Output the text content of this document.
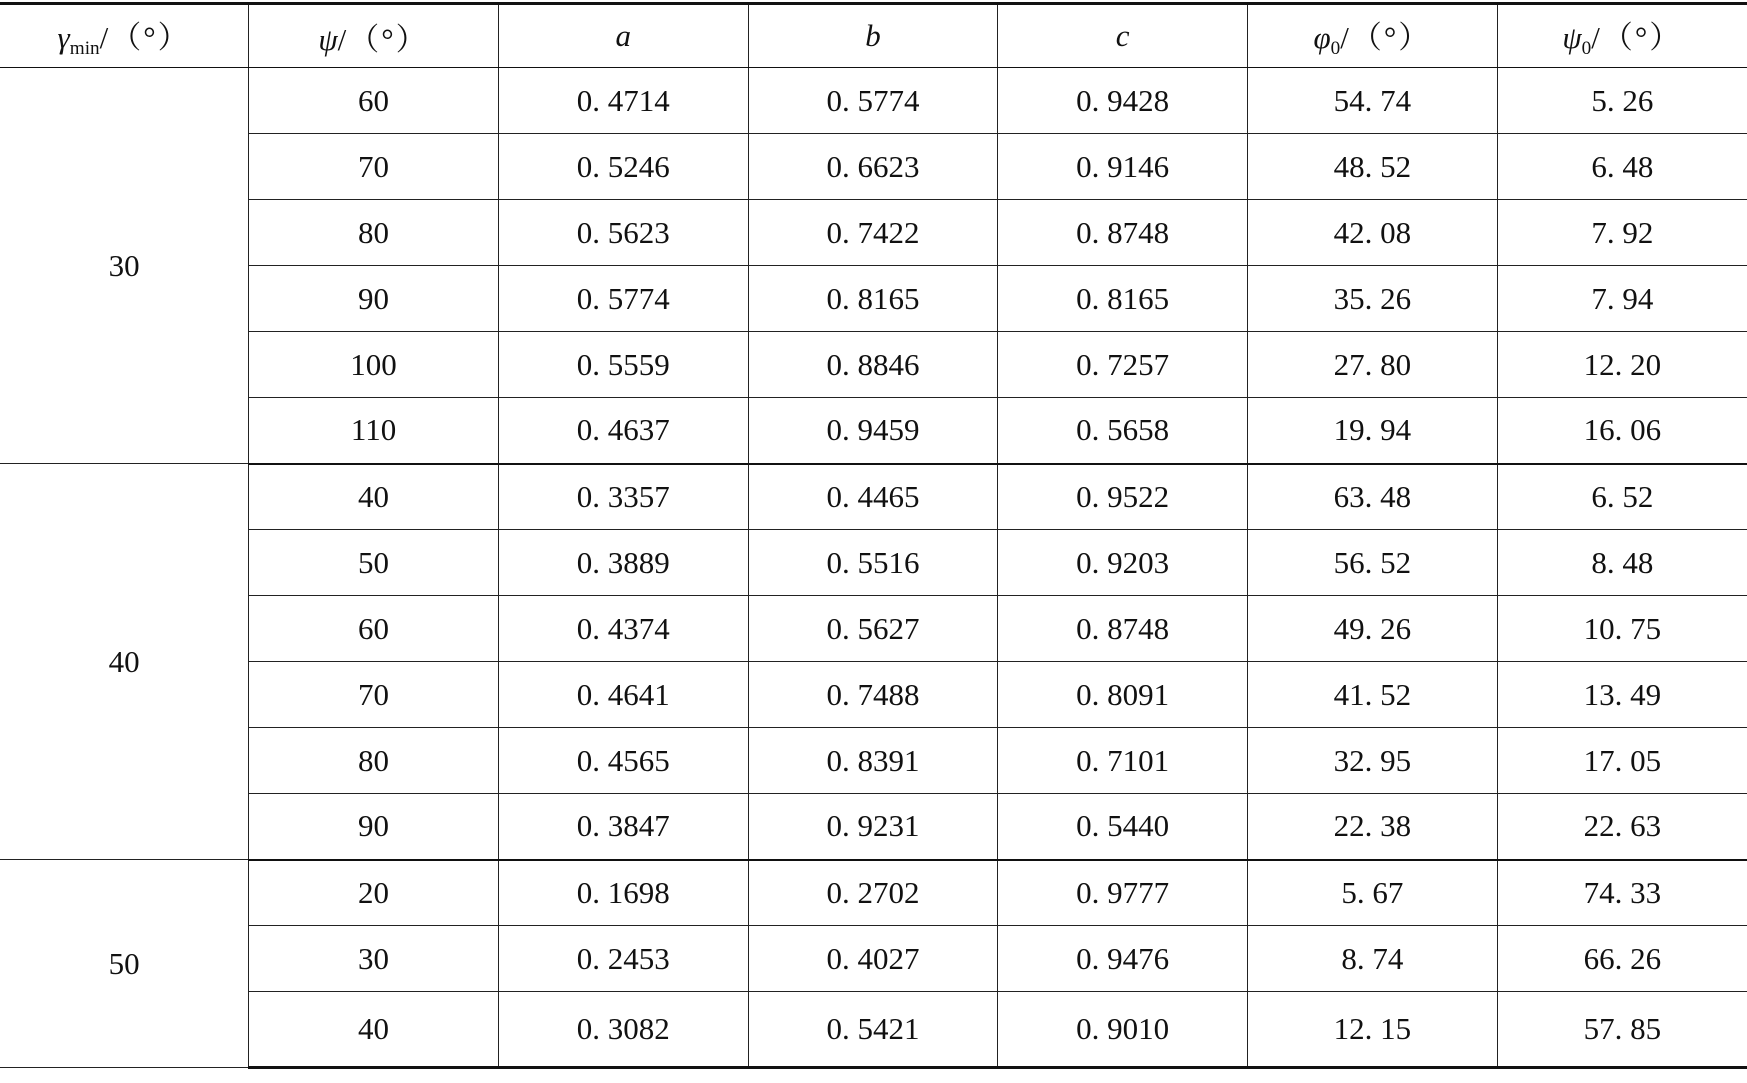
$\gamma_{min}/(^\circ)$	ψ/（°）	a	b	c	$\varphi_0/(^\circ)$	$\psi_0/(^\circ)$
30	60	0. 4714	0. 5774	0. 9428	54. 74	5. 26
	70	0. 5246	0. 6623	0. 9146	48. 52	6. 48
	80	0. 5623	0. 7422	0. 8748	42. 08	7. 92
	90	0. 5774	0. 8165	0. 8165	35. 26	7. 94
	100	0. 5559	0. 8846	0. 7257	27. 80	12. 20
	110	0. 4637	0. 9459	0. 5658	19. 94	16. 06
40	40	0. 3357	0. 4465	0. 9522	63. 48	6. 52
	50	0. 3889	0. 5516	0. 9203	56. 52	8. 48
	60	0. 4374	0. 5627	0. 8748	49. 26	10. 75
	70	0. 4641	0. 7488	0. 8091	41. 52	13. 49
	80	0. 4565	0. 8391	0. 7101	32. 95	17. 05
	90	0. 3847	0. 9231	0. 5440	22. 38	22. 63
50	20	0. 1698	0. 2702	0. 9777	5. 67	74. 33
	30	0. 2453	0. 4027	0. 9476	8. 74	66. 26
	40	0. 3082	0. 5421	0. 9010	12. 15	57. 85
